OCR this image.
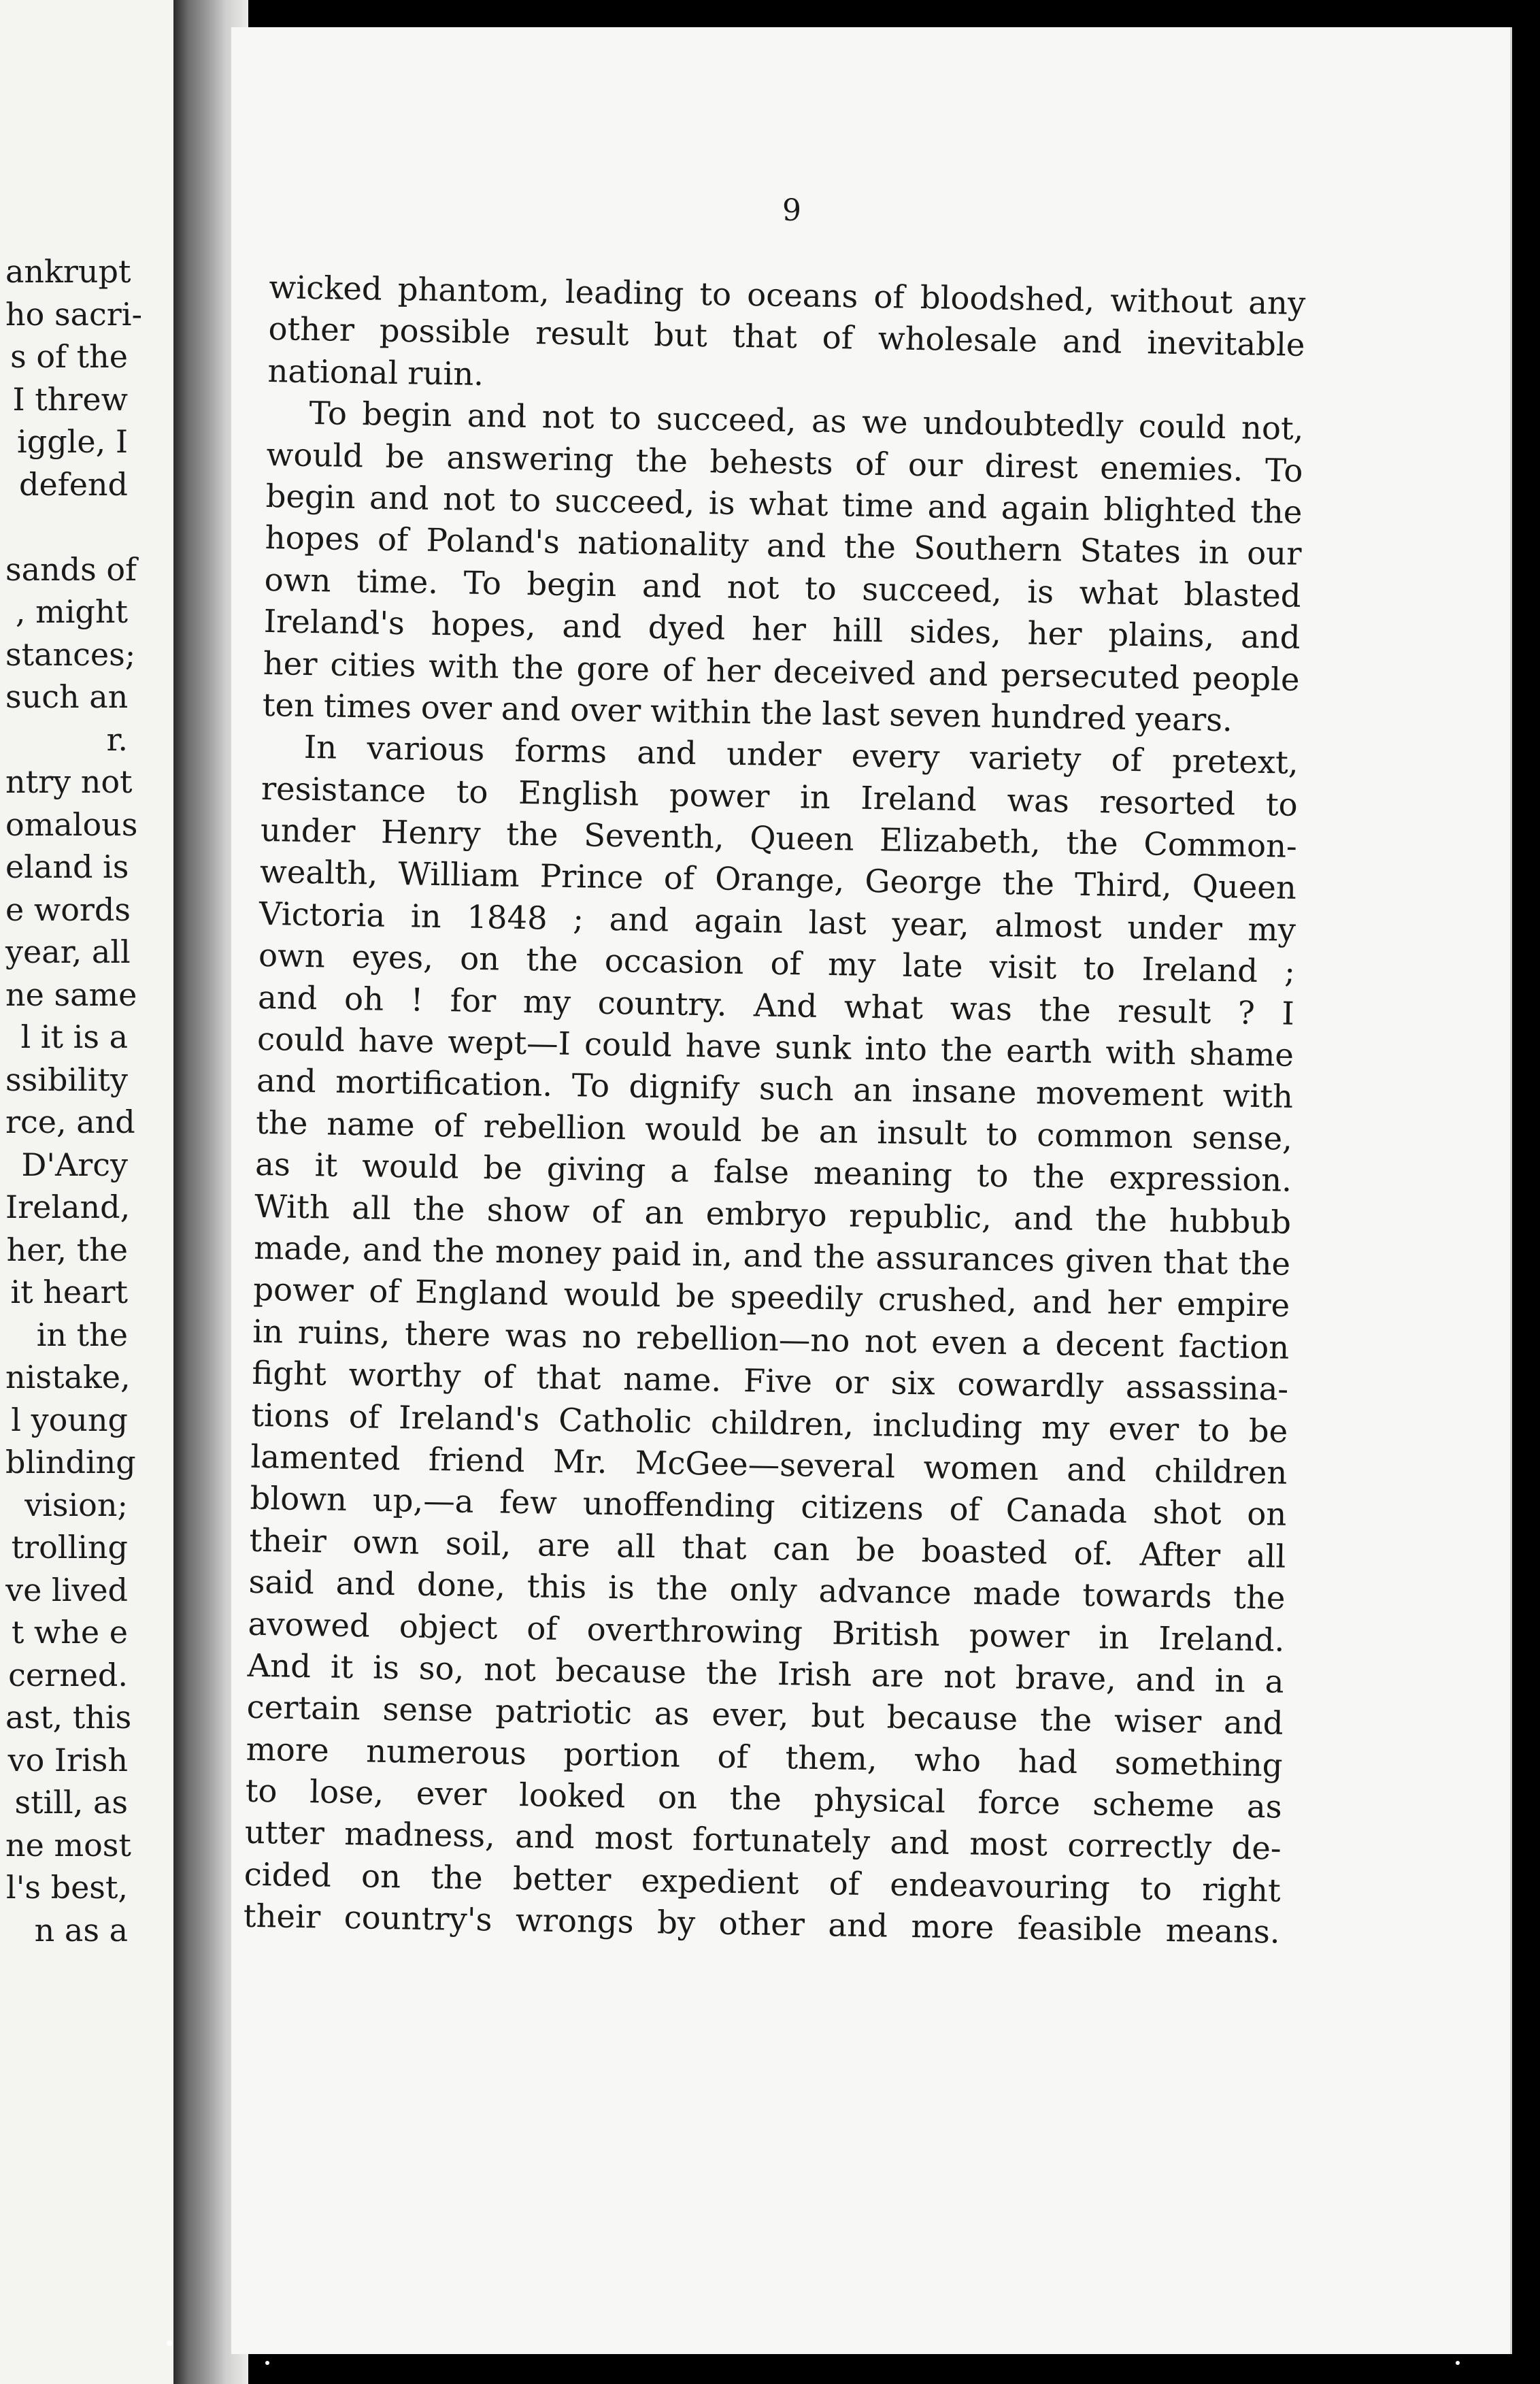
ankrupt
ho sacri-
s of the
I threw
iggle, I
defend
sands of
, might
stances;
such an
r.
ntry not
omalous
eland is
e words
year, all
ne same
l it is a
ssibility
rce, and
D'Arcy
Ireland,
her, the
it heart
in the
nistake,
l young
blinding
vision;
trolling
ve lived
t whe e
cerned.
ast, this
vo Irish
still, as
ne most
l's best,
n as a
9
wicked phantom, leading to oceans of bloodshed, without any
other possible result but that of wholesale and inevitable
national ruin.
To begin and not to succeed, as we undoubtedly could not,
would be answering the behests of our direst enemies. To
begin and not to succeed, is what time and again blighted the
hopes of Poland's nationality and the Southern States in our
own time. To begin and not to succeed, is what blasted
Ireland's hopes, and dyed her hill sides, her plains, and
her cities with the gore of her deceived and persecuted people
ten times over and over within the last seven hundred years.
In various forms and under every variety of pretext,
resistance to English power in Ireland was resorted to
under Henry the Seventh, Queen Elizabeth, the Common-
wealth, William Prince of Orange, George the Third, Queen
Victoria in 1848 ; and again last year, almost under my
own eyes, on the occasion of my late visit to Ireland ;
and oh ! for my country. And what was the result ? I
could have wept—I could have sunk into the earth with shame
and mortification. To dignify such an insane movement with
the name of rebellion would be an insult to common sense,
as it would be giving a false meaning to the expression.
With all the show of an embryo republic, and the hubbub
made, and the money paid in, and the assurances given that the
power of England would be speedily crushed, and her empire
in ruins, there was no rebellion—no not even a decent faction
fight worthy of that name. Five or six cowardly assassina-
tions of Ireland's Catholic children, including my ever to be
lamented friend Mr. McGee—several women and children
blown up,—a few unoffending citizens of Canada shot on
their own soil, are all that can be boasted of. After all
said and done, this is the only advance made towards the
avowed object of overthrowing British power in Ireland.
And it is so, not because the Irish are not brave, and in a
certain sense patriotic as ever, but because the wiser and
more numerous portion of them, who had something
to lose, ever looked on the physical force scheme as
utter madness, and most fortunately and most correctly de-
cided on the better expedient of endeavouring to right
their country's wrongs by other and more feasible means.
